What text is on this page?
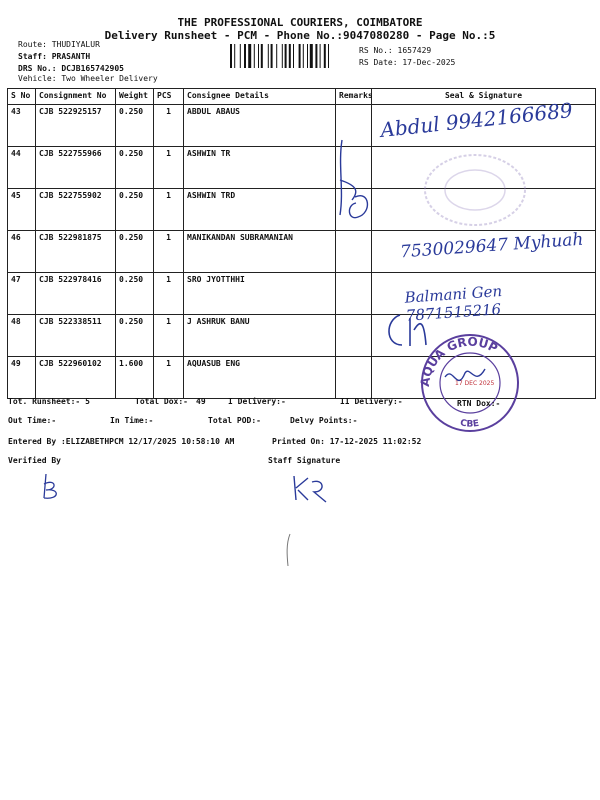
THE PROFESSIONAL COURIERS, COIMBATORE
Delivery Runsheet - PCM - Phone No.:9047080280 - Page No.:5
Route: THUDIYALUR
Staff: PRASANTH
DRS No.: DCJB165742905
Vehicle: Two Wheeler Delivery
RS No.: 1657429
RS Date: 17-Dec-2025
S No	Consignment No	Weight	PCS	Consignee Details	Remarks	Seal & Signature
43	CJB 522925157	0.250	1	ABDUL ABAUS		
44	CJB 522755966	0.250	1	ASHWIN TR		
45	CJB 522755902	0.250	1	ASHWIN TRD		
46	CJB 522981875	0.250	1	MANIKANDAN SUBRAMANIAN		
47	CJB 522978416	0.250	1	SRO JYOTTHHI		
48	CJB 522338511	0.250	1	J ASHRUK BANU		
49	CJB 522960102	1.600	1	AQUASUB ENG		
Abdul 9942166689
7530029647 Myhuah
Balmani Gen 7871515216
AQUA GROUP
CBE
17 DEC 2025
Tot. Runsheet:- 5	Total Dox:- 49	I Delivery:-	II Delivery:-	RTN Dox:-
Out Time:-	In Time:-	Total POD:-	Delvy Points:-
Entered By :ELIZABETHPCM 12/17/2025 10:58:10 AM	Printed On: 17-12-2025 11:02:52
Verified By	Staff Signature
